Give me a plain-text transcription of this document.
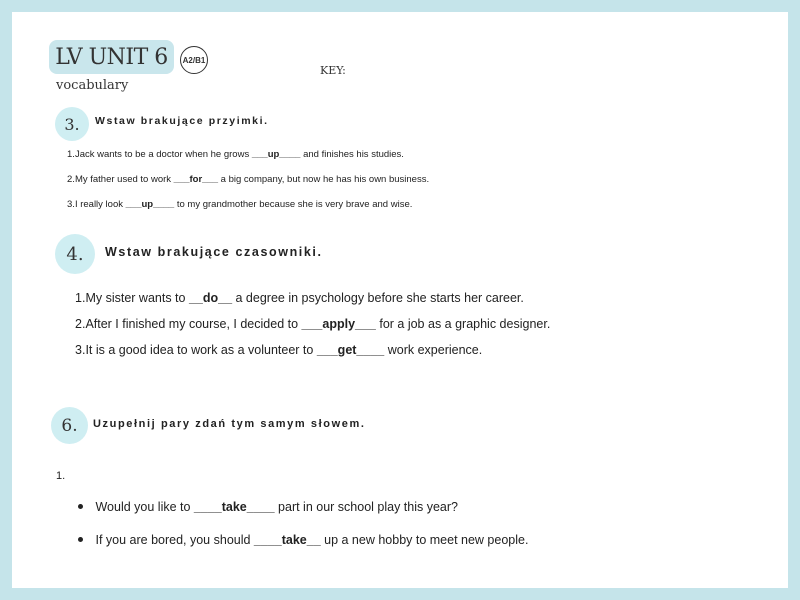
LV UNIT 6	A2/B1
vocabulary
KEY:
3.	Wstaw brakujące przyimki.
1.Jack wants to be a doctor when he grows ___up____ and finishes his studies.
2.My father used to work ___for___ a big company, but now he has his own business.
3.I really look ___up____ to my grandmother because she is very brave and wise.
4.	Wstaw brakujące czasowniki.
1.My sister wants to __do__ a degree in psychology before she starts her career.
2.After I finished my course, I decided to ___apply___ for a job as a graphic designer.
3.It is a good idea to work as a volunteer to ___get____ work experience.
6.	Uzupełnij pary zdań tym samym słowem.
1.
Would you like to ____take____ part in our school play this year?
If you are bored, you should ____take__ up a new hobby to meet new people.
